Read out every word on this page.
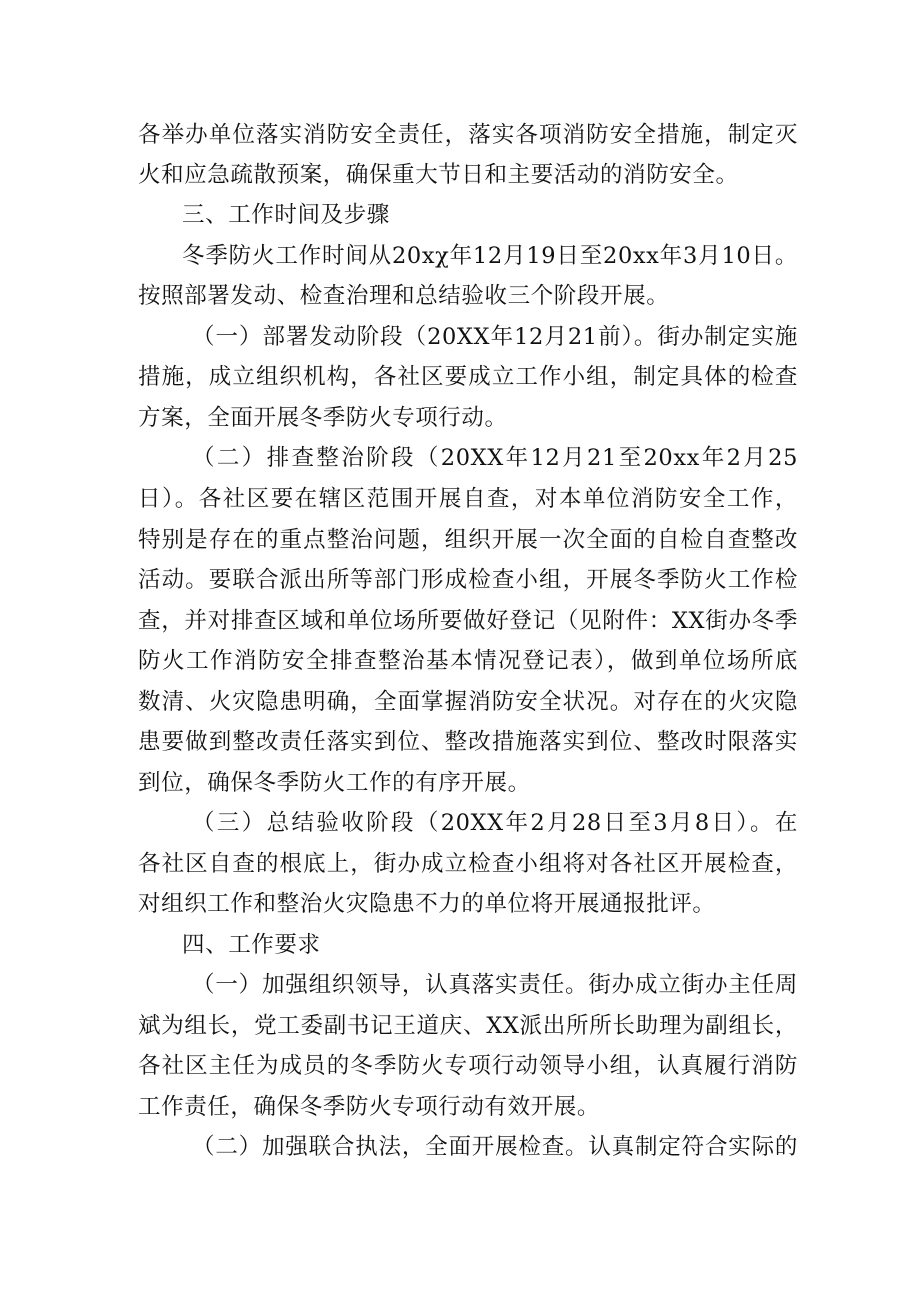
各举办单位落实消防安全责任，落实各项消防安全措施，制定灭
火和应急疏散预案，确保重大节日和主要活动的消防安全。
三、工作时间及步骤
冬季防火工作时间从20xχ年12月19日至20xx年3月10日。
按照部署发动、检查治理和总结验收三个阶段开展。
（一）部署发动阶段（20XX年12月21前）。街办制定实施
措施，成立组织机构，各社区要成立工作小组，制定具体的检查
方案，全面开展冬季防火专项行动。
（二）排查整治阶段（20XX年12月21至20xx年2月25
日）。各社区要在辖区范围开展自查，对本单位消防安全工作，
特别是存在的重点整治问题，组织开展一次全面的自检自查整改
活动。要联合派出所等部门形成检查小组，开展冬季防火工作检
查，并对排查区域和单位场所要做好登记（见附件：XX街办冬季
防火工作消防安全排查整治基本情况登记表），做到单位场所底
数清、火灾隐患明确，全面掌握消防安全状况。对存在的火灾隐
患要做到整改责任落实到位、整改措施落实到位、整改时限落实
到位，确保冬季防火工作的有序开展。
（三）总结验收阶段（20XX年2月28日至3月8日）。在
各社区自查的根底上，街办成立检查小组将对各社区开展检查，
对组织工作和整治火灾隐患不力的单位将开展通报批评。
四、工作要求
（一）加强组织领导，认真落实责任。街办成立街办主任周
斌为组长，党工委副书记王道庆、XX派出所所长助理为副组长，
各社区主任为成员的冬季防火专项行动领导小组，认真履行消防
工作责任，确保冬季防火专项行动有效开展。
（二）加强联合执法，全面开展检查。认真制定符合实际的
